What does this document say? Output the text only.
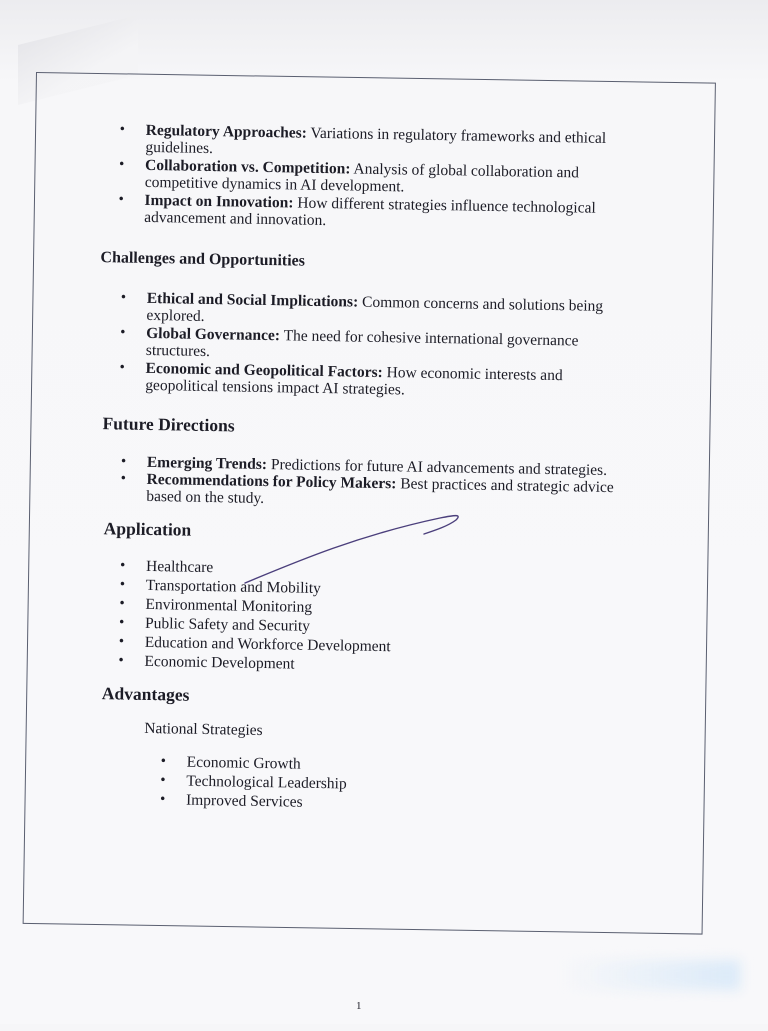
• Regulatory Approaches: Variations in regulatory frameworks and ethical guidelines.
• Collaboration vs. Competition: Analysis of global collaboration and competitive dynamics in AI development.
• Impact on Innovation: How different strategies influence technological advancement and innovation.
Challenges and Opportunities
• Ethical and Social Implications: Common concerns and solutions being explored.
• Global Governance: The need for cohesive international governance structures.
• Economic and Geopolitical Factors: How economic interests and geopolitical tensions impact AI strategies.
Future Directions
• Emerging Trends: Predictions for future AI advancements and strategies.
• Recommendations for Policy Makers: Best practices and strategic advice based on the study.
Application
• Healthcare
• Transportation and Mobility
• Environmental Monitoring
• Public Safety and Security
• Education and Workforce Development
• Economic Development
Advantages
National Strategies
• Economic Growth
• Technological Leadership
• Improved Services
1
